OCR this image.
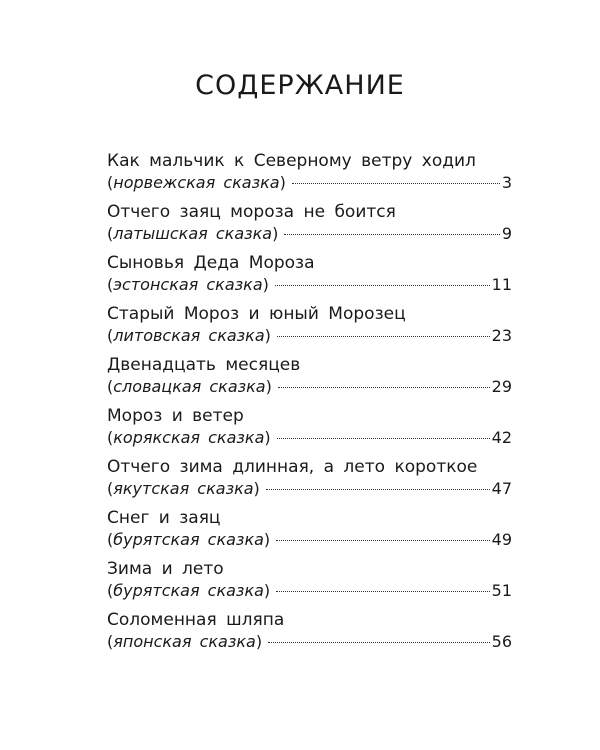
СОДЕРЖАНИЕ
Как мальчик к Северному ветру ходил
(норвежская сказка)	3
Отчего заяц мороза не боится
(латышская сказка)	9
Сыновья Деда Мороза
(эстонская сказка)	11
Старый Мороз и юный Морозец
(литовская сказка)	23
Двенадцать месяцев
(словацкая сказка)	29
Мороз и ветер
(корякская сказка)	42
Отчего зима длинная, а лето короткое
(якутская сказка)	47
Снег и заяц
(бурятская сказка)	49
Зима и лето
(бурятская сказка)	51
Соломенная шляпа
(японская сказка)	56
